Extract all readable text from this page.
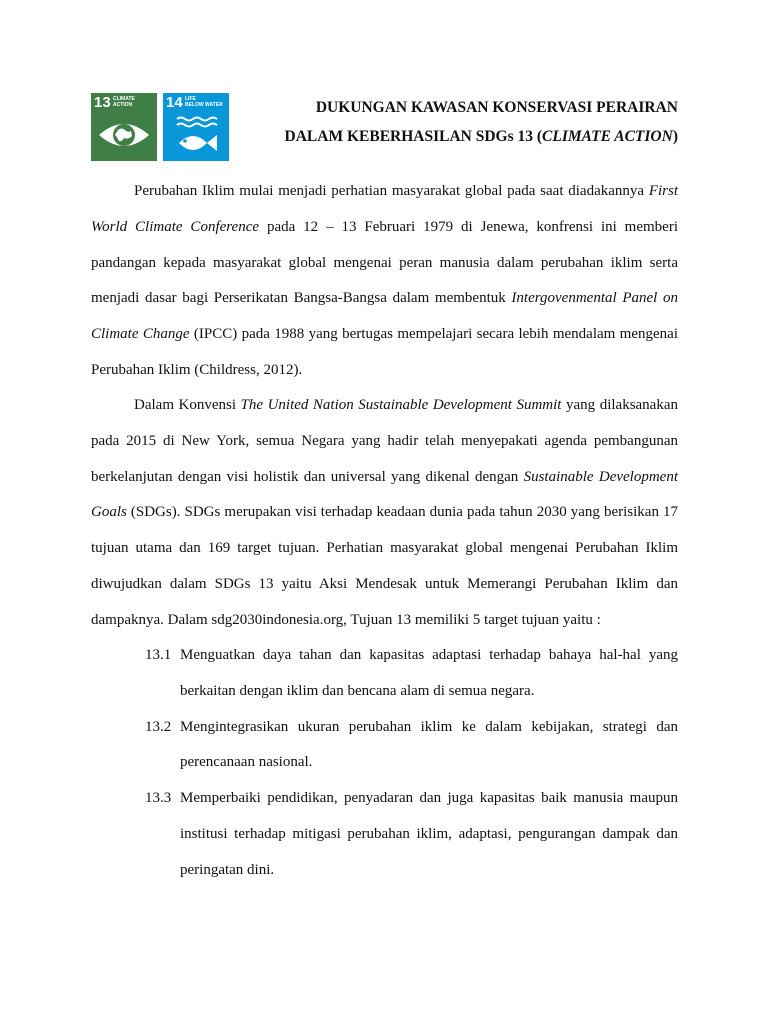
13 CLIMATE
ACTION	14 LIFE
BELOW WATER	DUKUNGAN KAWASAN KONSERVASI PERAIRAN
DALAM KEBERHASILAN SDGs 13 (CLIMATE ACTION)

Perubahan Iklim mulai menjadi perhatian masyarakat global pada saat diadakannya First World Climate Conference pada 12 – 13 Februari 1979 di Jenewa, konfrensi ini memberi pandangan kepada masyarakat global mengenai peran manusia dalam perubahan iklim serta menjadi dasar bagi Perserikatan Bangsa-Bangsa dalam membentuk Intergovenmental Panel on Climate Change (IPCC) pada 1988 yang bertugas mempelajari secara lebih mendalam mengenai Perubahan Iklim (Childress, 2012).

Dalam Konvensi The United Nation Sustainable Development Summit yang dilaksanakan pada 2015 di New York, semua Negara yang hadir telah menyepakati agenda pembangunan berkelanjutan dengan visi holistik dan universal yang dikenal dengan Sustainable Development Goals (SDGs). SDGs merupakan visi terhadap keadaan dunia pada tahun 2030 yang berisikan 17 tujuan utama dan 169 target tujuan. Perhatian masyarakat global mengenai Perubahan Iklim diwujudkan dalam SDGs 13 yaitu Aksi Mendesak untuk Memerangi Perubahan Iklim dan dampaknya. Dalam sdg2030indonesia.org, Tujuan 13 memiliki 5 target tujuan yaitu :

13.1 Menguatkan daya tahan dan kapasitas adaptasi terhadap bahaya hal-hal yang
berkaitan dengan iklim dan bencana alam di semua negara.
13.2 Mengintegrasikan ukuran perubahan iklim ke dalam kebijakan, strategi dan
perencanaan nasional.
13.3 Memperbaiki pendidikan, penyadaran dan juga kapasitas baik manusia maupun
institusi terhadap mitigasi perubahan iklim, adaptasi, pengurangan dampak dan peringatan dini.
